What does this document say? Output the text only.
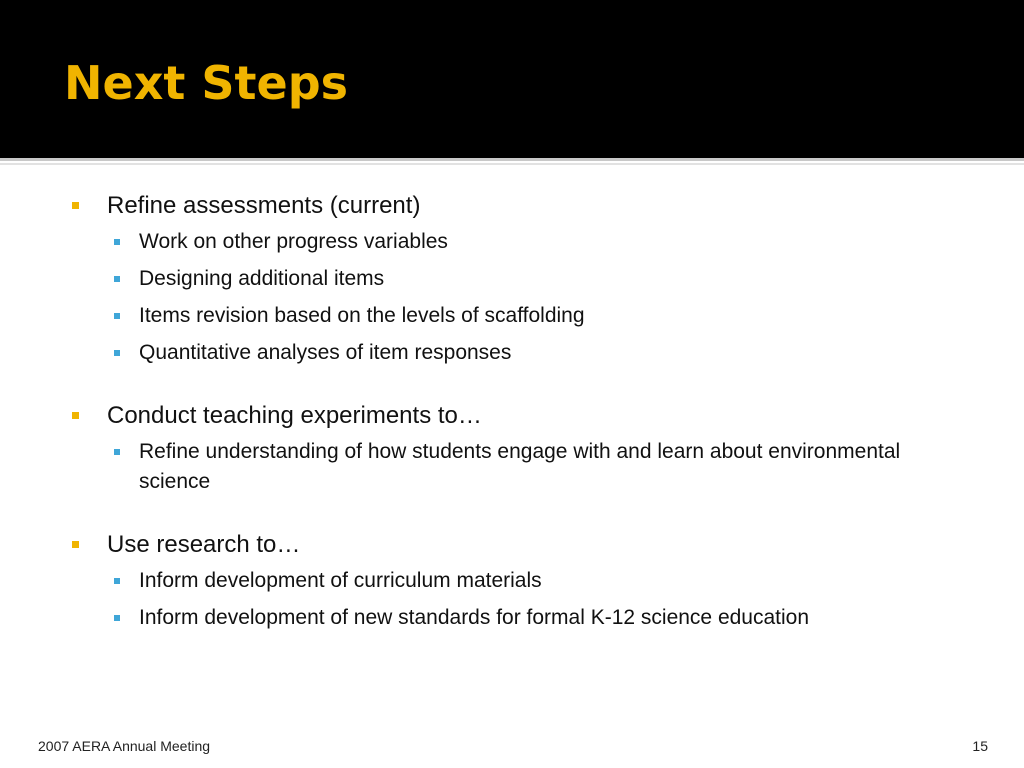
Next Steps
Refine assessments (current)
Work on other progress variables
Designing additional items
Items revision based on the levels of scaffolding
Quantitative analyses of item responses
Conduct teaching experiments to…
Refine understanding of how students engage with and learn about environmental science
Use research to…
Inform development of curriculum materials
Inform development of new standards for formal K-12 science education
2007 AERA Annual Meeting	15
